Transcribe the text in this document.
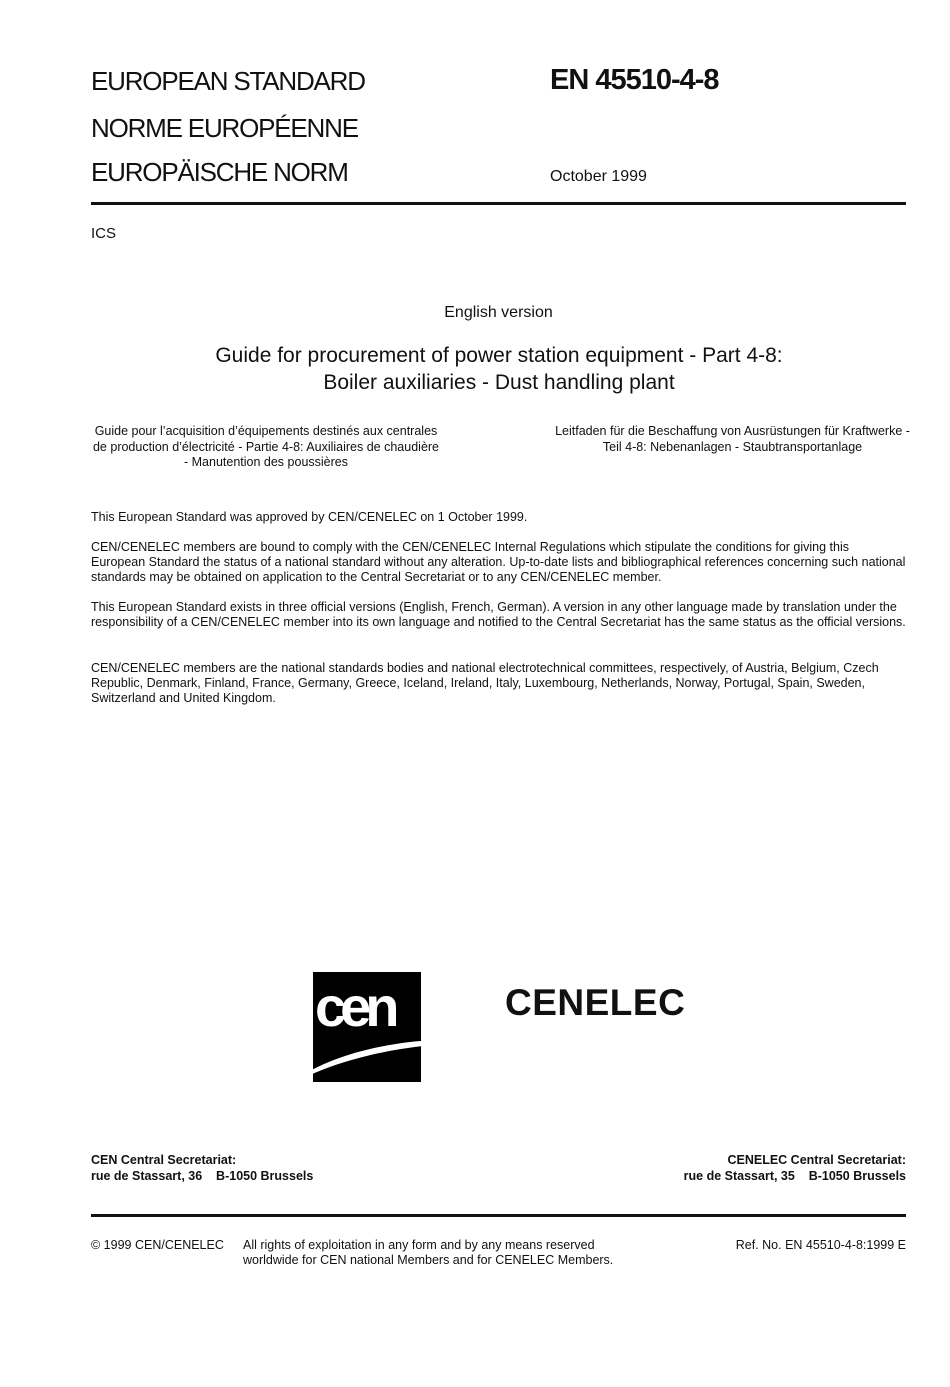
EUROPEAN STANDARD
NORME EUROPÉENNE
EUROPÄISCHE NORM
EN 45510-4-8
October 1999
ICS
English version
Guide for procurement of power station equipment - Part 4-8:
Boiler auxiliaries - Dust handling plant
Guide pour l’acquisition d’équipements destinés aux centrales de production d’électricité - Partie 4-8: Auxiliaires de chaudière - Manutention des poussières
Leitfaden für die Beschaffung von Ausrüstungen für Kraftwerke - Teil 4-8: Nebenanlagen - Staubtransportanlage
This European Standard was approved by CEN/CENELEC on 1 October 1999.
CEN/CENELEC members are bound to comply with the CEN/CENELEC Internal Regulations which stipulate the conditions for giving this European Standard the status of a national standard without any alteration. Up-to-date lists and bibliographical references concerning such national standards may be obtained on application to the Central Secretariat or to any CEN/CENELEC member.
This European Standard exists in three official versions (English, French, German). A version in any other language made by translation under the responsibility of a CEN/CENELEC member into its own language and notified to the Central Secretariat has the same status as the official versions.
CEN/CENELEC members are the national standards bodies and national electrotechnical committees, respectively, of Austria, Belgium, Czech Republic, Denmark, Finland, France, Germany, Greece, Iceland, Ireland, Italy, Luxembourg, Netherlands, Norway, Portugal, Spain, Sweden, Switzerland and United Kingdom.
cen	CENELEC
CEN Central Secretariat:
rue de Stassart, 36    B-1050 Brussels
CENELEC Central Secretariat:
rue de Stassart, 35    B-1050 Brussels
© 1999 CEN/CENELEC All rights of exploitation in any form and by any means reserved worldwide for CEN national Members and for CENELEC Members.
Ref. No. EN 45510-4-8:1999 E
